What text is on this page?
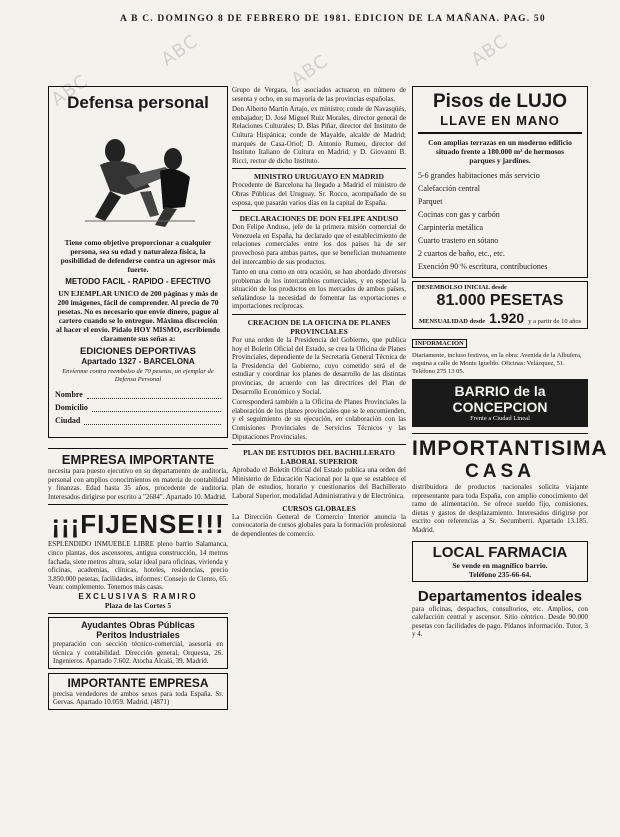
ABC
ABC	ABC	ABC
A B C. DOMINGO 8 DE FEBRERO DE 1981. EDICION DE LA MAÑANA. PAG. 50
Defensa personal
Tiene como objetivo proporcionar a cualquier persona, sea su edad y naturaleza física, la posibilidad de defenderse contra un agresor más fuerte.
METODO FACIL - RAPIDO - EFECTIVO
UN EJEMPLAR UNICO de 200 páginas y más de 200 imágenes, fácil de comprender. Al precio de 70 pesetas. No es necesario que envíe dinero, pague al cartero cuando se lo entregue. Máxima discreción al hacer el envío. Pídalo HOY MISMO, escribiendo claramente sus señas a:
EDICIONES DEPORTIVAS
Apartado 1327 - BARCELONA
Envíenme contra reembolso de 70 pesetas, un ejemplar de Defensa Personal
Nombre
Domicilio
Ciudad
EMPRESA IMPORTANTE
necesita para puesto ejecutivo en su departamento de auditoría, personal con amplios conocimientos en materia de contabilidad y finanzas. Edad hasta 35 años, procedente de auditoría. Interesados dirigirse por escrito a "2684". Apartado 10. Madrid.
¡¡¡FIJENSE!!!
ESPLENDIDO INMUEBLE LIBRE pleno barrio Salamanca, cinco plantas, dos ascensores, antigua construcción, 14 metros fachada, siete metros altura, solar ideal para oficinas, vivienda y oficinas, academias, clínicas, hoteles, residencias, precio 3.850.000 pesetas, facilidades, informes: Consejo de Ciento, 65. Vean: complemento. Tenemos más casas.
EXCLUSIVAS RAMIRO
Plaza de las Cortes 5
Ayudantes Obras Públicas
Peritos Industriales
preparación con sección técnico-comercial, asesoría en técnica y contabilidad. Dirección general, Orquesta, 26. Ingenieros. Apartado 7.602. Atocha Alcalá, 39. Madrid.
IMPORTANTE EMPRESA
precisa vendedores de ambos sexos para toda España. Sr. Gervas. Apartado 10.059. Madrid. (4871)
Grupo de Vergara, los asociados actuaron en número de sesenta y ocho, en su mayoría de las provincias españolas.
Don Alberto Martín Artajo, ex ministro; conde de Navasqüés, embajador; D. José Miguel Ruiz Morales, director general de Relaciones Culturales; D. Blas Piñar, director del Instituto de Cultura Hispánica; conde de Mayalde, alcalde de Madrid; marqués de Casa-Oriol; D. Antonio Rumeu, director del Instituto Italiano de Cultura en Madrid, y D. Giovanni B. Ricci, rector de dicho Instituto.
MINISTRO URUGUAYO EN MADRID
Procedente de Barcelona ha llegado a Madrid el ministro de Obras Públicas del Uruguay, Sr. Rocco, acompañado de su esposa, que pasarán varios días en la capital de España.
DECLARACIONES DE DON FELIPE ANDUSO
Don Felipe Anduso, jefe de la primera misión comercial de Venezuela en España, ha declarado que el establecimiento de relaciones comerciales entre los dos países ha de ser provechoso para ambas partes, que se benefician mutuamente del intercambio de sus productos.
Tanto en una como en otra ocasión, se han abordado diversos problemas de los intercambios comerciales, y en especial la situación de los productos en los mercados de ambos países, señalándose la necesidad de fomentar las exportaciones e importaciones recíprocas.
CREACION DE LA OFICINA DE PLANES PROVINCIALES
Por una orden de la Presidencia del Gobierno, que publica hoy el Boletín Oficial del Estado, se crea la Oficina de Planes Provinciales, dependiente de la Secretaría General Técnica de la Presidencia del Gobierno, cuyo cometido será el de estudiar y coordinar los planes de desarrollo de las distintas provincias, de acuerdo con las directrices del Plan de Desarrollo Económico y Social.
Corresponderá también a la Oficina de Planes Provinciales la elaboración de los planes provinciales que se le encomienden, y el seguimiento de su ejecución, en colaboración con las Comisiones Provinciales de Servicios Técnicos y las Diputaciones Provinciales.
PLAN DE ESTUDIOS DEL BACHILLERATO LABORAL SUPERIOR
Aprobado el Boletín Oficial del Estado publica una orden del Ministerio de Educación Nacional por la que se establece el plan de estudios, horario y cuestionarios del Bachillerato Laboral Superior, modalidad Administrativa y de Electrónica.
CURSOS GLOBALES
La Dirección General de Comercio Interior anuncia la convocatoria de cursos globales para la formación profesional de dependientes de comercio.
Pisos de LUJO
LLAVE EN MANO
Con amplias terrazas en un moderno edificio situado frente a 180.000 m² de hermosos parques y jardines.
5-6 grandes habitaciones más servicio
Calefacción central
Parquet
Cocinas con gas y carbón
Carpintería metálica
Cuarto trastero en sótano
2 cuartos de baño, etc., etc.
Exención 90 % escritura, contribuciones
DESEMBOLSO INICIAL desde
81.000 PESETAS
MENSUALIDAD desde 1.920 y a partir de 10 años
INFORMACION
Diariamente, incluso festivos, en la obra: Avenida de la Albufera, esquina a calle de Monte Igueldo. Oficinas: Velázquez, 51. Teléfono 275 13 05.
BARRIO de la CONCEPCION
Frente a Ciudad Lineal
IMPORTANTISIMA
CASA
distribuidora de productos nacionales solicita viajante representante para toda España, con amplio conocimiento del ramo de alimentación. Se ofrece sueldo fijo, comisiones, dietas y gastos de desplazamiento. Interesados dirigirse por escrito con referencias a Sr. Secumberri. Apartado 13.185. Madrid.
LOCAL FARMACIA
Se vende en magnífico barrio.
Teléfono 235-66-64.
Departamentos ideales
para oficinas, despachos, consultorios, etc. Amplios, con calefacción central y ascensor. Sitio céntrico. Desde 90.000 pesetas con facilidades de pago. Pídanos información. Tutor, 3 y 4.
